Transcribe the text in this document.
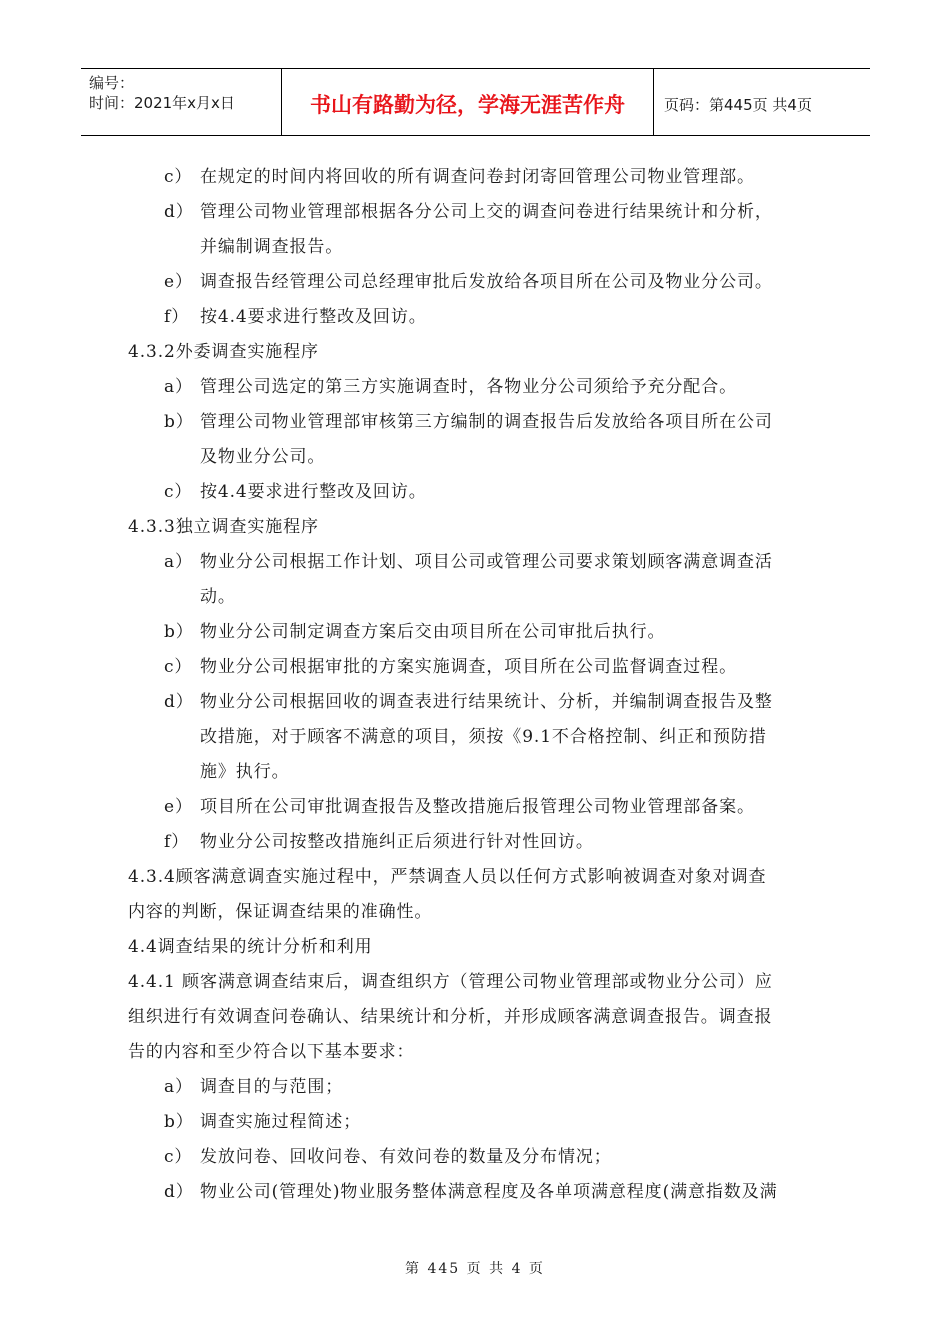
编号：
时间：2021年x月x日	书山有路勤为径，学海无涯苦作舟	页码：第445页 共4页
c） 在规定的时间内将回收的所有调查问卷封闭寄回管理公司物业管理部。
d） 管理公司物业管理部根据各分公司上交的调查问卷进行结果统计和分析，
并编制调查报告。
e） 调查报告经管理公司总经理审批后发放给各项目所在公司及物业分公司。
f） 按4.4要求进行整改及回访。
4.3.2外委调查实施程序
a） 管理公司选定的第三方实施调查时，各物业分公司须给予充分配合。
b） 管理公司物业管理部审核第三方编制的调查报告后发放给各项目所在公司
及物业分公司。
c） 按4.4要求进行整改及回访。
4.3.3独立调查实施程序
a） 物业分公司根据工作计划、项目公司或管理公司要求策划顾客满意调查活
动。
b） 物业分公司制定调查方案后交由项目所在公司审批后执行。
c） 物业分公司根据审批的方案实施调查，项目所在公司监督调查过程。
d） 物业分公司根据回收的调查表进行结果统计、分析，并编制调查报告及整
改措施，对于顾客不满意的项目，须按《9.1不合格控制、纠正和预防措
施》执行。
e） 项目所在公司审批调查报告及整改措施后报管理公司物业管理部备案。
f） 物业分公司按整改措施纠正后须进行针对性回访。
4.3.4顾客满意调查实施过程中，严禁调查人员以任何方式影响被调查对象对调查
内容的判断，保证调查结果的准确性。
4.4调查结果的统计分析和利用
4.4.1 顾客满意调查结束后，调查组织方（管理公司物业管理部或物业分公司）应
组织进行有效调查问卷确认、结果统计和分析，并形成顾客满意调查报告。调查报
告的内容和至少符合以下基本要求：
a） 调查目的与范围；
b） 调查实施过程简述；
c） 发放问卷、回收问卷、有效问卷的数量及分布情况；
d） 物业公司(管理处)物业服务整体满意程度及各单项满意程度(满意指数及满
第 445 页 共 4 页
